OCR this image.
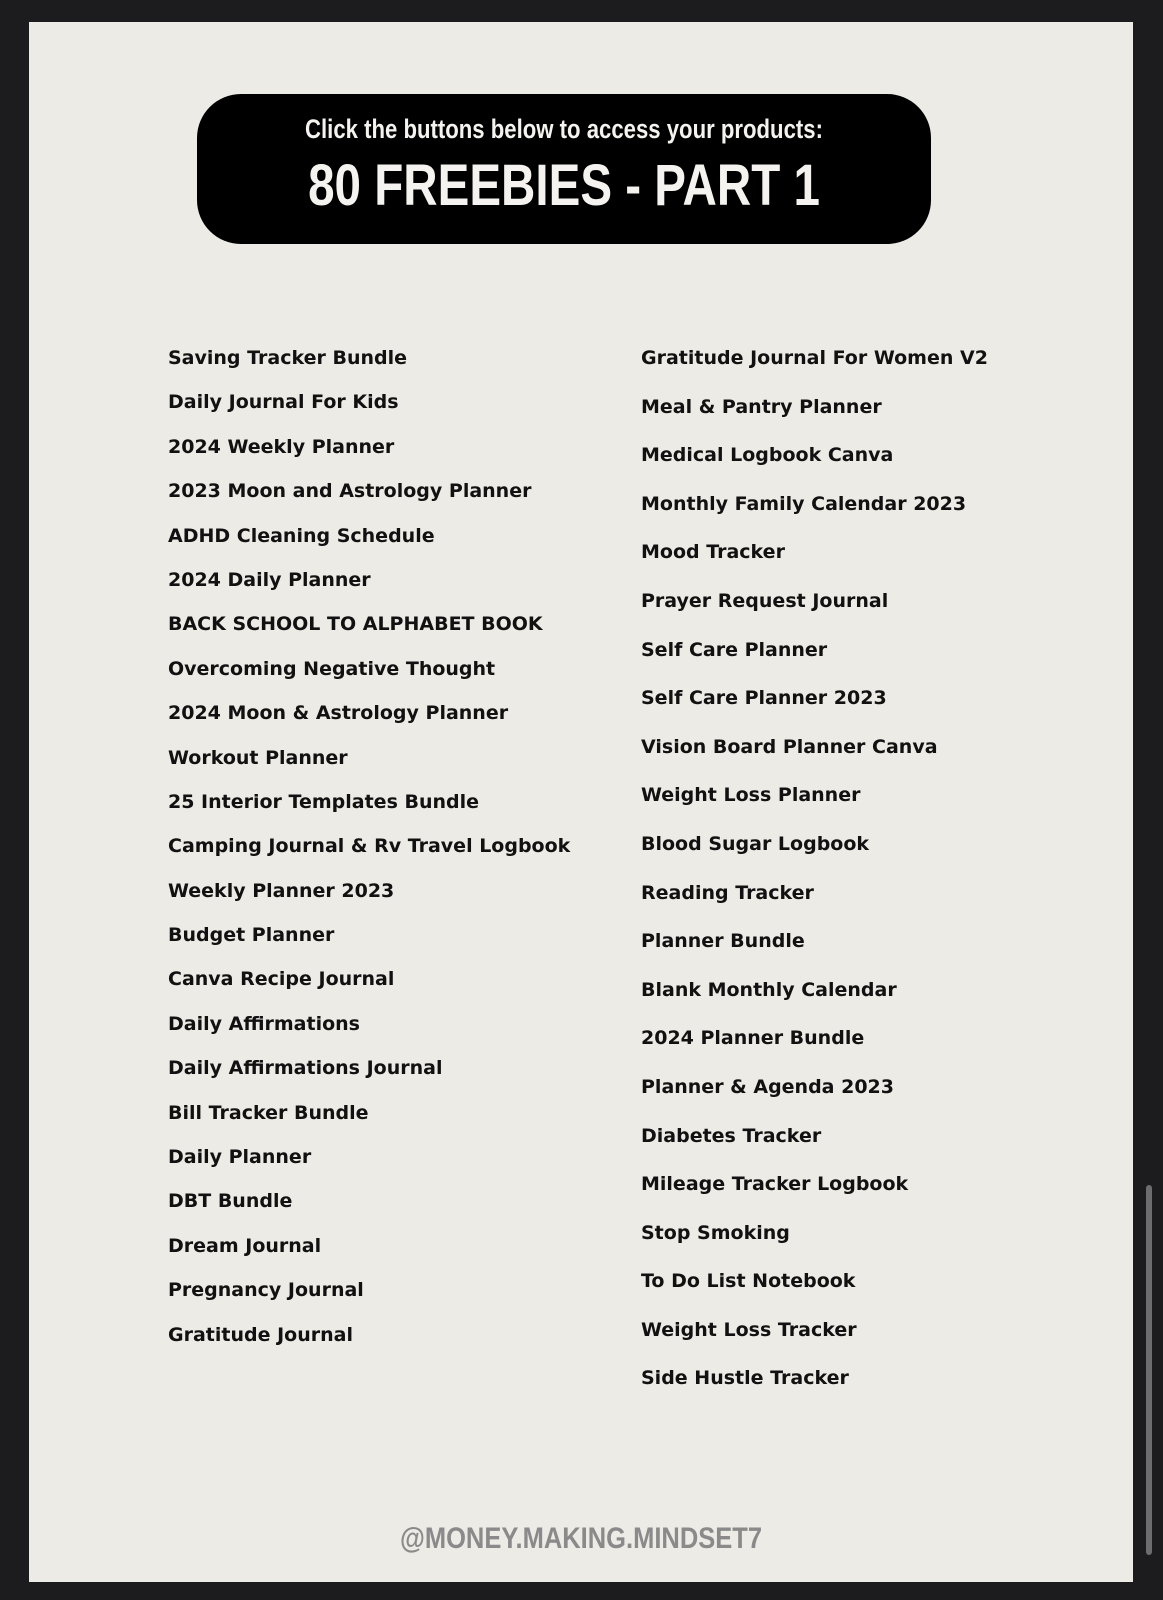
Click the buttons below to access your products:
80 FREEBIES - PART 1
Saving Tracker Bundle
Daily Journal For Kids
2024 Weekly Planner
2023 Moon and Astrology Planner
ADHD Cleaning Schedule
2024 Daily Planner
BACK SCHOOL TO ALPHABET BOOK
Overcoming Negative Thought
2024 Moon & Astrology Planner
Workout Planner
25 Interior Templates Bundle
Camping Journal & Rv Travel Logbook
Weekly Planner 2023
Budget Planner
Canva Recipe Journal
Daily Affirmations
Daily Affirmations Journal
Bill Tracker Bundle
Daily Planner
DBT Bundle
Dream Journal
Pregnancy Journal
Gratitude Journal
Gratitude Journal For Women V2
Meal & Pantry Planner
Medical Logbook Canva
Monthly Family Calendar 2023
Mood Tracker
Prayer Request Journal
Self Care Planner
Self Care Planner 2023
Vision Board Planner Canva
Weight Loss Planner
Blood Sugar Logbook
Reading Tracker
Planner Bundle
Blank Monthly Calendar
2024 Planner Bundle
Planner & Agenda 2023
Diabetes Tracker
Mileage Tracker Logbook
Stop Smoking
To Do List Notebook
Weight Loss Tracker
Side Hustle Tracker
@MONEY.MAKING.MINDSET7
